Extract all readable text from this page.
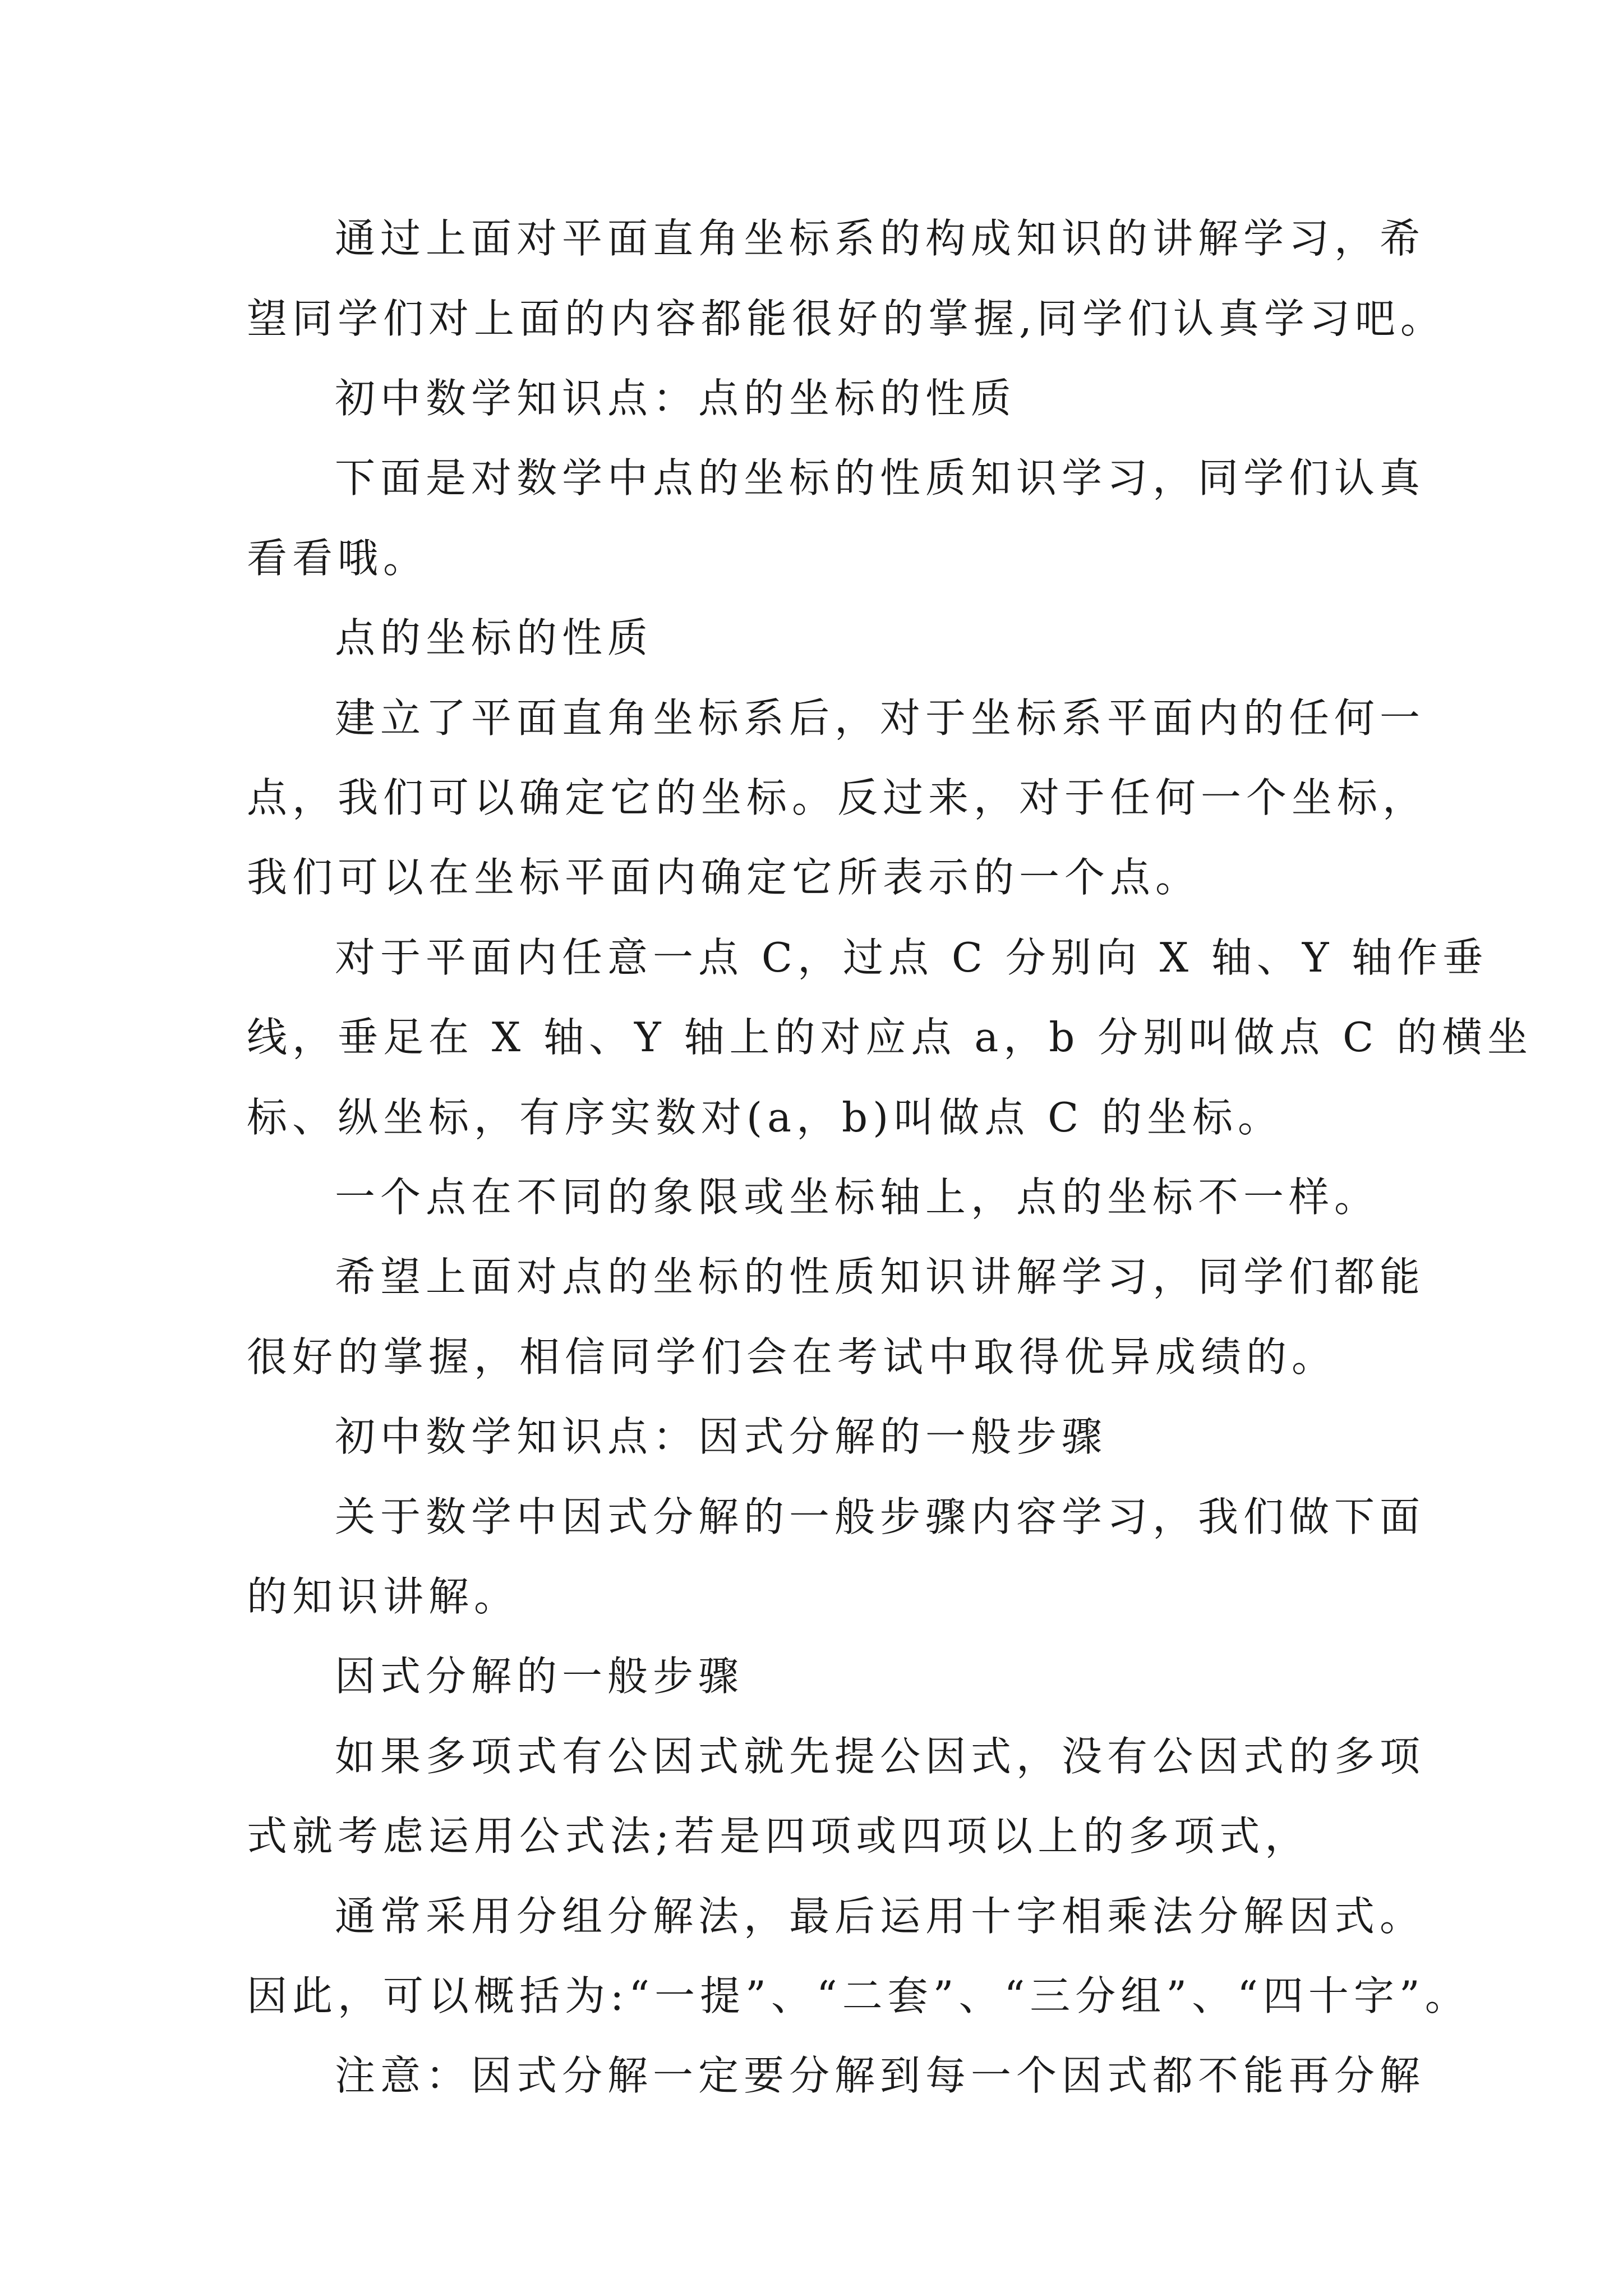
通过上面对平面直角坐标系的构成知识的讲解学习，希
望同学们对上面的内容都能很好的掌握,同学们认真学习吧。
初中数学知识点：点的坐标的性质
下面是对数学中点的坐标的性质知识学习，同学们认真
看看哦。
点的坐标的性质
建立了平面直角坐标系后，对于坐标系平面内的任何一
点，我们可以确定它的坐标。反过来，对于任何一个坐标，
我们可以在坐标平面内确定它所表示的一个点。
对于平面内任意一点 C，过点 C 分别向 X 轴、Y 轴作垂
线，垂足在 X 轴、Y 轴上的对应点 a，b 分别叫做点 C 的横坐
标、纵坐标，有序实数对(a，b)叫做点 C 的坐标。
一个点在不同的象限或坐标轴上，点的坐标不一样。
希望上面对点的坐标的性质知识讲解学习，同学们都能
很好的掌握，相信同学们会在考试中取得优异成绩的。
初中数学知识点：因式分解的一般步骤
关于数学中因式分解的一般步骤内容学习，我们做下面
的知识讲解。
因式分解的一般步骤
如果多项式有公因式就先提公因式，没有公因式的多项
式就考虑运用公式法;若是四项或四项以上的多项式，
通常采用分组分解法，最后运用十字相乘法分解因式。
因此，可以概括为:“一提”、“二套”、“三分组”、“四十字”。
注意：因式分解一定要分解到每一个因式都不能再分解
